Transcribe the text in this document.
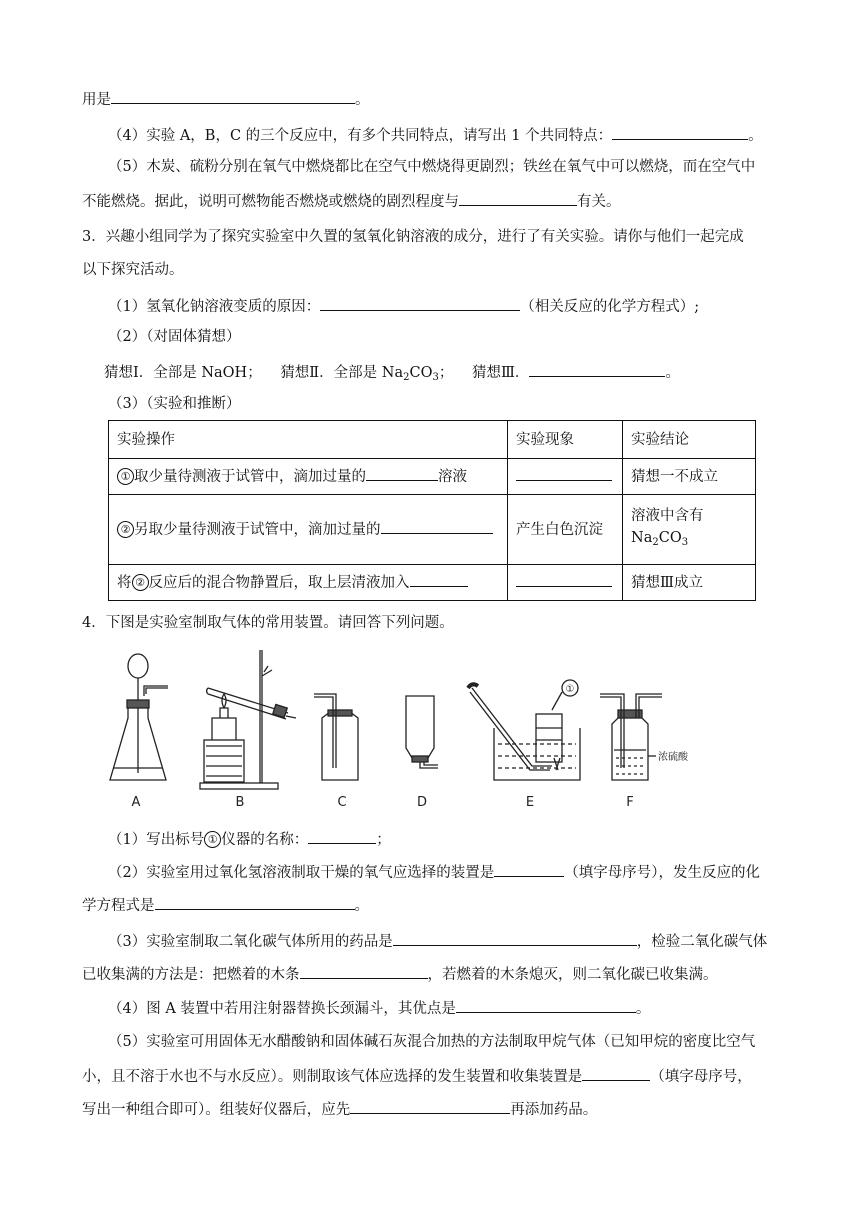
用是	。
（4）实验 A，B，C 的三个反应中，有多个共同特点，请写出 1 个共同特点：	。
（5）木炭、硫粉分别在氧气中燃烧都比在空气中燃烧得更剧烈；铁丝在氧气中可以燃烧，而在空气中
不能燃烧。据此，说明可燃物能否燃烧或燃烧的剧烈程度与	有关。
3．兴趣小组同学为了探究实验室中久置的氢氧化钠溶液的成分，进行了有关实验。请你与他们一起完成
以下探究活动。
（1）氢氧化钠溶液变质的原因：	（相关反应的化学方程式）;
（2）（对固体猜想）
猜想Ⅰ．全部是 NaOH； 猜想Ⅱ．全部是 $Na_2CO_3$； 猜想Ⅲ．	。
（3）（实验和推断）
实验操作	实验现象	实验结论
① 取少量待测液于试管中，滴加过量的 溶液		猜想一不成立
② 另取少量待测液于试管中，滴加过量的	产生白色沉淀	溶液中含有
$Na_2CO_3$
将 ② 反应后的混合物静置后，取上层清液加入		猜想Ⅲ成立
4．下图是实验室制取气体的常用装置。请回答下列问题。
①
浓硫酸
A	B	C	D	E	F
（1）写出标号 ① 仪器的名称：	；
（2）实验室用过氧化氢溶液制取干燥的氧气应选择的装置是	（填字母序号），发生反应的化
学方程式是	。
（3）实验室制取二氧化碳气体所用的药品是	，检验二氧化碳气体
已收集满的方法是：把燃着的木条	，若燃着的木条熄灭，则二氧化碳已收集满。
（4）图 A 装置中若用注射器替换长颈漏斗，其优点是	。
（5）实验室可用固体无水醋酸钠和固体碱石灰混合加热的方法制取甲烷气体（已知甲烷的密度比空气
小，且不溶于水也不与水反应）。则制取该气体应选择的发生装置和收集装置是	（填字母序号，
写出一种组合即可）。组装好仪器后，应先	再添加药品。
